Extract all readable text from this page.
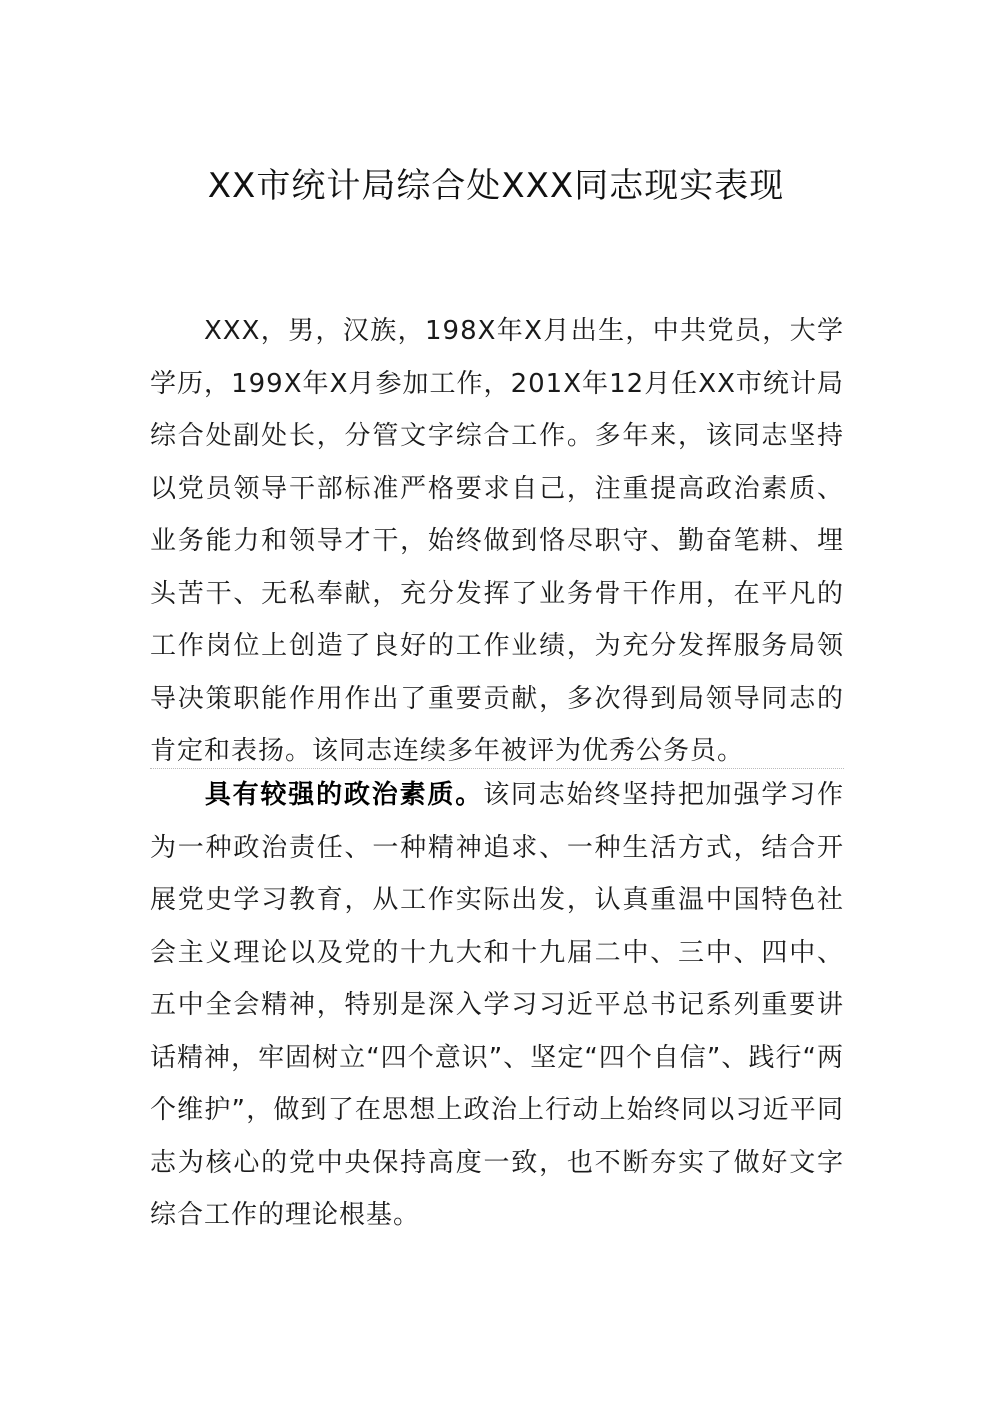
XX市统计局综合处XXX同志现实表现

XXX，男，汉族，198X年X月出生，中共党员，大学学历，199X年X月参加工作，201X年12月任XX市统计局综合处副处长，分管文字综合工作。多年来，该同志坚持以党员领导干部标准严格要求自己，注重提高政治素质、业务能力和领导才干，始终做到恪尽职守、勤奋笔耕、埋头苦干、无私奉献，充分发挥了业务骨干作用，在平凡的工作岗位上创造了良好的工作业绩，为充分发挥服务局领导决策职能作用作出了重要贡献，多次得到局领导同志的肯定和表扬。该同志连续多年被评为优秀公务员。

具有较强的政治素质。该同志始终坚持把加强学习作为一种政治责任、一种精神追求、一种生活方式，结合开展党史学习教育，从工作实际出发，认真重温中国特色社会主义理论以及党的十九大和十九届二中、三中、四中、五中全会精神，特别是深入学习习近平总书记系列重要讲话精神，牢固树立“四个意识”、坚定“四个自信”、践行“两个维护”，做到了在思想上政治上行动上始终同以习近平同志为核心的党中央保持高度一致，也不断夯实了做好文字综合工作的理论根基。
